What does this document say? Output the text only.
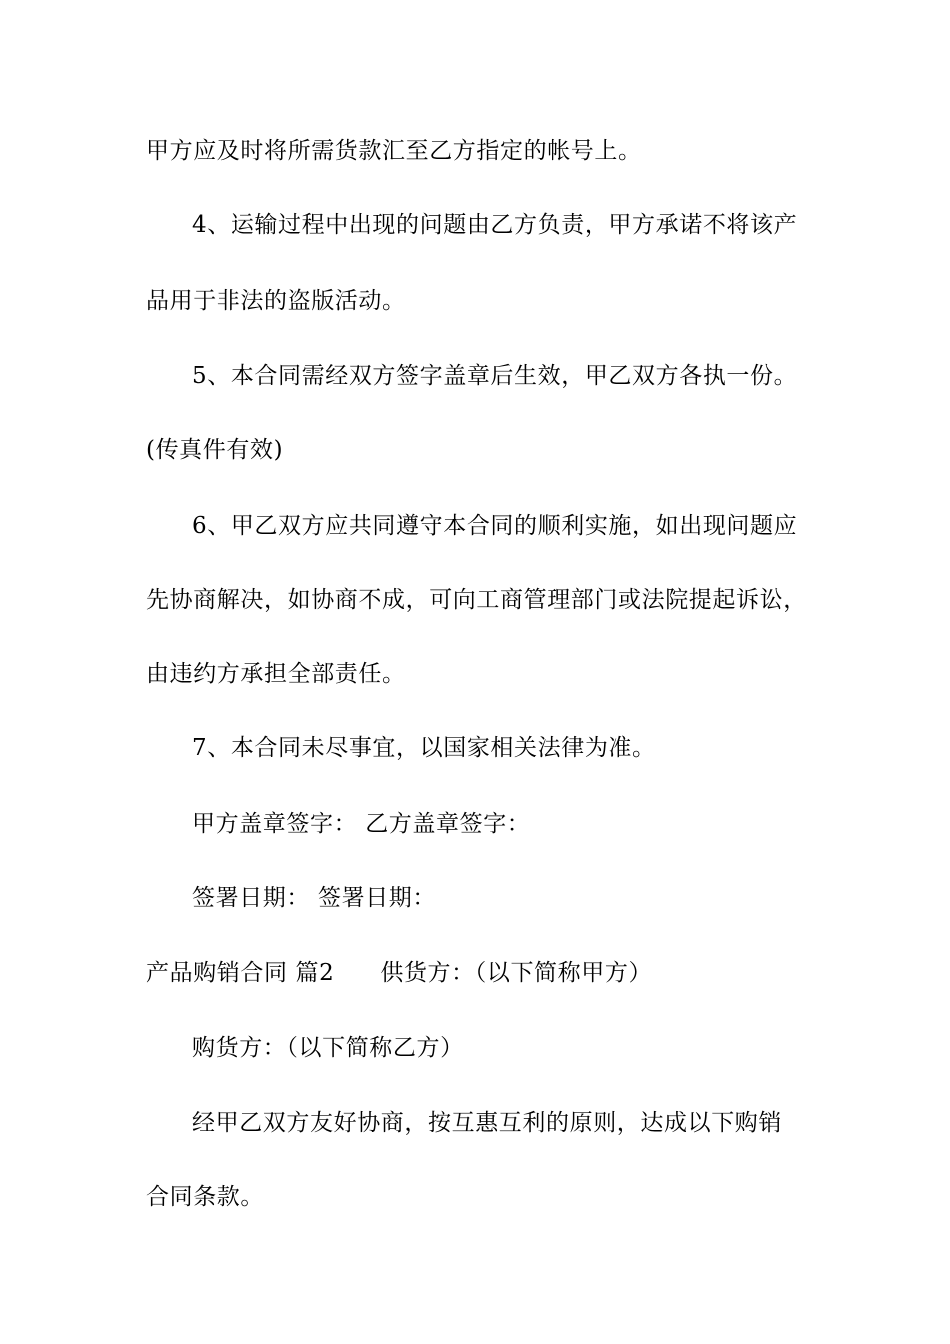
甲方应及时将所需货款汇至乙方指定的帐号上。
4、运输过程中出现的问题由乙方负责，甲方承诺不将该产
品用于非法的盗版活动。
5、本合同需经双方签字盖章后生效，甲乙双方各执一份。
(传真件有效)
6、甲乙双方应共同遵守本合同的顺利实施，如出现问题应
先协商解决，如协商不成，可向工商管理部门或法院提起诉讼，
由违约方承担全部责任。
7、本合同未尽事宜，以国家相关法律为准。
甲方盖章签字： 乙方盖章签字：
签署日期： 签署日期：
产品购销合同 篇2 供货方：（以下简称甲方）
购货方：（以下简称乙方）
经甲乙双方友好协商，按互惠互利的原则，达成以下购销
合同条款。
